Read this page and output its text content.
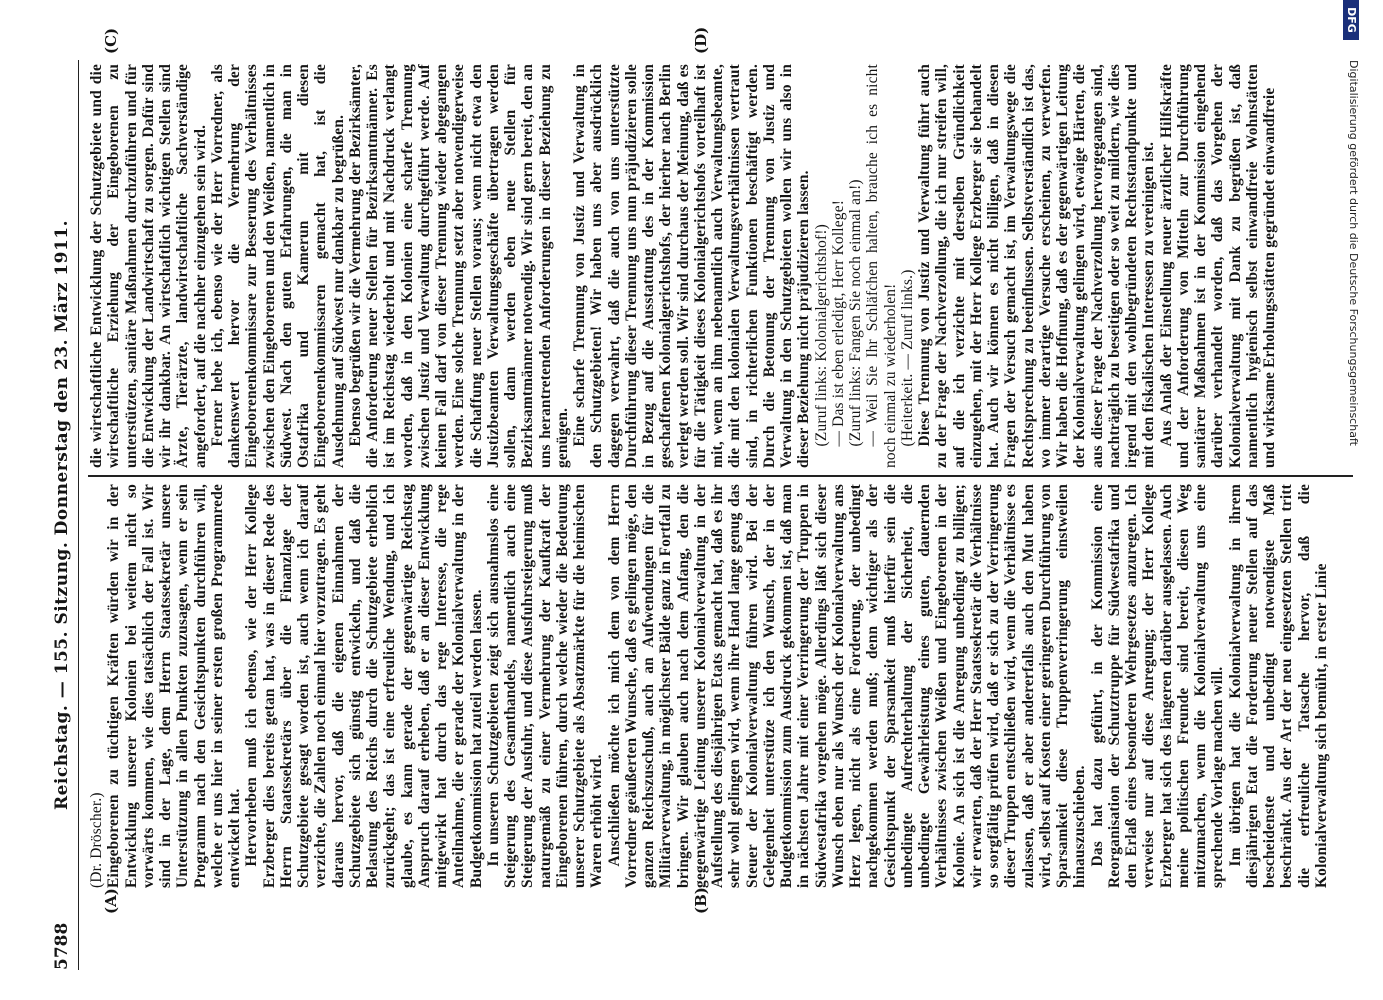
5788
Reichstag. — 155. Sitzung. Donnerstag den 23. März 1911.
(A)	(B)
(C)	(D)

(Dr. Dröscher.) Eingeborenen zu tüchtigen Kräften würden wir in der Entwicklung unserer Kolonien bei weitem nicht so vorwärts kommen, wie dies tatsächlich der Fall ist. Wir sind in der Lage, dem Herrn Staatssekretär unsere Unterstützung in allen Punkten zuzusagen, wenn er sein Programm nach den Gesichtspunkten durchführen will, welche er uns hier in seiner ersten großen Programmrede entwickelt hat. Hervorheben muß ich ebenso, wie der Herr Kollege Erzberger dies bereits getan hat, was in dieser Rede des Herrn Staatssekretärs über die Finanzlage der Schutzgebiete gesagt worden ist, auch wenn ich darauf verzichte, die Zahlen noch einmal hier vorzutragen. Es geht daraus hervor, daß die eigenen Einnahmen der Schutzgebiete sich günstig entwickeln, und daß die Belastung des Reichs durch die Schutzgebiete erheblich zurückgeht; das ist eine erfreuliche Wendung, und ich glaube, es kann gerade der gegenwärtige Reichstag Anspruch darauf erheben, daß er an dieser Entwicklung mitgewirkt hat durch das rege Interesse, die rege Anteilnahme, die er gerade der Kolonialverwaltung in der Budgetkommission hat zuteil werden lassen. In unseren Schutzgebieten zeigt sich ausnahmslos eine Steigerung des Gesamthandels, namentlich auch eine Steigerung der Ausfuhr, und diese Ausfuhrsteigerung muß naturgemäß zu einer Vermehrung der Kaufkraft der Eingeborenen führen, durch welche wieder die Bedeutung unserer Schutzgebiete als Absatzmärkte für die heimischen Waren erhöht wird. Anschließen möchte ich mich dem von dem Herrn Vorredner geäußerten Wunsche, daß es gelingen möge, den ganzen Reichszuschuß, auch an Aufwendungen für die Militärverwaltung, in möglichster Bälde ganz in Fortfall zu bringen. Wir glauben auch nach dem Anfang, den die gegenwärtige Leitung unserer Kolonialverwaltung in der Aufstellung des diesjährigen Etats gemacht hat, daß es ihr sehr wohl gelingen wird, wenn ihre Hand lange genug das Steuer der Kolonialverwaltung führen wird. Bei der Gelegenheit unterstütze ich den Wunsch, der in der Budgetkommission zum Ausdruck gekommen ist, daß man in nächsten Jahre mit einer Verringerung der Truppen in Südwestafrika vorgehen möge. Allerdings läßt sich dieser Wunsch eben nur als Wunsch der Kolonialverwaltung ans Herz legen, nicht als eine Forderung, der unbedingt nachgekommen werden muß; denn wichtiger als der Gesichtspunkt der Sparsamkeit muß hierfür sein die unbedingte Aufrechterhaltung der Sicherheit, die unbedingte Gewährleistung eines guten, dauernden Verhältnisses zwischen Weißen und Eingeborenen in der Kolonie. An sich ist die Anregung unbedingt zu billigen; wir erwarten, daß der Herr Staatssekretär die Verhältnisse so sorgfältig prüfen wird, daß er sich zu der Verringerung dieser Truppen entschließen wird, wenn die Verhältnisse es zulassen, daß er aber andererfalls auch den Mut haben wird, selbst auf Kosten einer geringeren Durchführung von Sparsamkeit diese Truppenverringerung einstweilen hinauszuschieben. Das hat dazu geführt, in der Kommission eine Reorganisation der Schutztruppe für Südwestafrika und den Erlaß eines besonderen Wehrgesetzes anzuregen. Ich verweise nur auf diese Anregung; der Herr Kollege Erzberger hat sich des längeren darüber ausgelassen. Auch meine politischen Freunde sind bereit, diesen Weg mitzumachen, wenn die Kolonialverwaltung uns eine sprechende Vorlage machen will. Im übrigen hat die Kolonialverwaltung in ihrem diesjährigen Etat die Forderung neuer Stellen auf das bescheidenste und unbedingt notwendigste Maß beschränkt. Aus der Art der neu eingesetzten Stellen tritt die erfreuliche Tatsache hervor, daß die Kolonialverwaltung sich bemüht, in erster Linie

die wirtschaftliche Entwicklung der Schutzgebiete und die wirtschaftliche Erziehung der Eingeborenen zu unterstützen, sanitäre Maßnahmen durchzuführen und für die Entwicklung der Landwirtschaft zu sorgen. Dafür sind wir ihr dankbar. An wirtschaftlich wichtigen Stellen sind Ärzte, Tierärzte, landwirtschaftliche Sachverständige angefordert, auf die nachher einzugehen sein wird. Ferner hebe ich, ebenso wie der Herr Vorredner, als dankenswert hervor die Vermehrung der Eingeborenenkommissare zur Besserung des Verhältnisses zwischen den Eingeborenen und den Weißen, namentlich in Südwest. Nach den guten Erfahrungen, die man in Ostafrika und Kamerun mit diesen Eingeborenenkommissaren gemacht hat, ist die Ausdehnung auf Südwest nur dankbar zu begrüßen. Ebenso begrüßen wir die Vermehrung der Bezirksämter, die Anforderung neuer Stellen für Bezirksamtmänner. Es ist im Reichstag wiederholt und mit Nachdruck verlangt worden, daß in den Kolonien eine scharfe Trennung zwischen Justiz und Verwaltung durchgeführt werde. Auf keinen Fall darf von dieser Trennung wieder abgegangen werden. Eine solche Trennung setzt aber notwendigerweise die Schaffung neuer Stellen voraus; wenn nicht etwa den Justizbeamten Verwaltungsgeschäfte übertragen werden sollen, dann werden eben neue Stellen für Bezirksamtmänner notwendig. Wir sind gern bereit, den an uns herantretenden Anforderungen in dieser Beziehung zu genügen. Eine scharfe Trennung von Justiz und Verwaltung in den Schutzgebieten! Wir haben uns aber ausdrücklich dagegen verwahrt, daß die auch von uns unterstützte Durchführung dieser Trennung uns nun präjudizieren solle in Bezug auf die Ausstattung des in der Kommission geschaffenen Kolonialgerichtshofs, der hierher nach Berlin verlegt werden soll. Wir sind durchaus der Meinung, daß es für die Tätigkeit dieses Kolonialgerichtshofs vorteilhaft ist mit, wenn an ihm nebenamtlich auch Verwaltungsbeamte, die mit den kolonialen Verwaltungsverhältnissen vertraut sind, in richterlichen Funktionen beschäftigt werden. Durch die Betonung der Trennung von Justiz und Verwaltung in den Schutzgebieten wollen wir uns also in dieser Beziehung nicht präjudizieren lassen. (Zuruf links: Kolonialgerichtshof!) — Das ist eben erledigt, Herr Kollege! (Zuruf links: Fangen Sie noch einmal an!) — Weil Sie Ihr Schläfchen halten, brauche ich es nicht noch einmal zu wiederholen! (Heiterkeit. — Zuruf links.) Diese Trennung von Justiz und Verwaltung führt auch zu der Frage der Nachverzollung, die ich nur streifen will, auf die ich verzichte mit derselben Gründlichkeit einzugehen, mit der Herr Kollege Erzberger sie behandelt hat. Auch wir können es nicht billigen, daß in diesen Fragen der Versuch gemacht ist, im Verwaltungswege die Rechtsprechung zu beeinflussen. Selbstverständlich ist das, wo immer derartige Versuche erscheinen, zu verwerfen. Wir haben die Hoffnung, daß es der gegenwärtigen Leitung der Kolonialverwaltung gelingen wird, etwaige Härten, die aus dieser Frage der Nachverzollung hervorgegangen sind, nachträglich zu beseitigen oder so weit zu mildern, wie dies irgend mit den wohlbegründeten Rechtsstandpunkte und mit den fiskalischen Interessen zu vereinigen ist. Aus Anlaß der Einstellung neuer ärztlicher Hilfskräfte und der Anforderung von Mitteln zur Durchführung sanitärer Maßnahmen ist in der Kommission eingehend darüber verhandelt worden, daß das Vorgehen der Kolonialverwaltung mit Dank zu begrüßen ist, daß namentlich hygienisch selbst einwandfreie Wohnstätten und wirksame Erholungsstätten gegründet einwandfreie

DFG
Digitalisierung gefördert durch die Deutsche Forschungsgemeinschaft
